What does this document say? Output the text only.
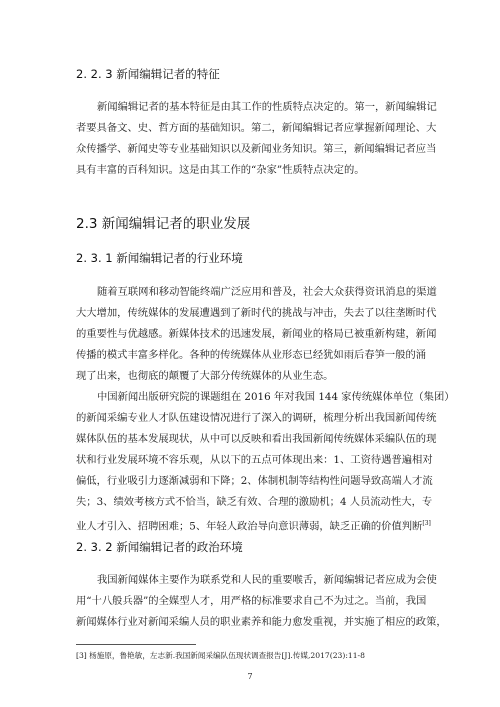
2. 2. 3 新闻编辑记者的特征
新闻编辑记者的基本特征是由其工作的性质特点决定的。第一，新闻编辑记
者要具备文、史、哲方面的基础知识。第二，新闻编辑记者应掌握新闻理论、大
众传播学、新闻史等专业基础知识以及新闻业务知识。第三，新闻编辑记者应当
具有丰富的百科知识。这是由其工作的“杂家”性质特点决定的。
2.3 新闻编辑记者的职业发展
2. 3. 1 新闻编辑记者的行业环境
随着互联网和移动智能终端广泛应用和普及，社会大众获得资讯消息的渠道
大大增加，传统媒体的发展遭遇到了新时代的挑战与冲击，失去了以往垄断时代
的重要性与优越感。新媒体技术的迅速发展，新闻业的格局已被重新构建，新闻
传播的模式丰富多样化。各种的传统媒体从业形态已经犹如雨后春笋一般的涌
现了出来，也彻底的颠覆了大部分传统媒体的从业生态。
中国新闻出版研究院的课题组在 2016 年对我国 144 家传统媒体单位（集团）
的新闻采编专业人才队伍建设情况进行了深入的调研，梳理分析出我国新闻传统
媒体队伍的基本发展现状，从中可以反映和看出我国新闻传统媒体采编队伍的现
状和行业发展环境不容乐观，从以下的五点可体现出来：1、工资待遇普遍相对
偏低，行业吸引力逐渐减弱和下降；2、体制机制等结构性问题导致高端人才流
失；3、绩效考核方式不恰当，缺乏有效、合理的激励机；4 人员流动性大，专
业人才引入、招聘困难；5、年轻人政治导向意识薄弱，缺乏正确的价值判断[3]
2. 3. 2 新闻编辑记者的政治环境
我国新闻媒体主要作为联系党和人民的重要喉舌，新闻编辑记者应成为会使
用“十八般兵器”的全媒型人才，用严格的标准要求自己不为过之。当前，我国
新闻媒体行业对新闻采编人员的职业素养和能力愈发重视，并实施了相应的政策，

[3] 杨施原，鲁艳敏，左志新.我国新闻采编队伍现状调查报告[J].传媒,2017(23):11-8

7
